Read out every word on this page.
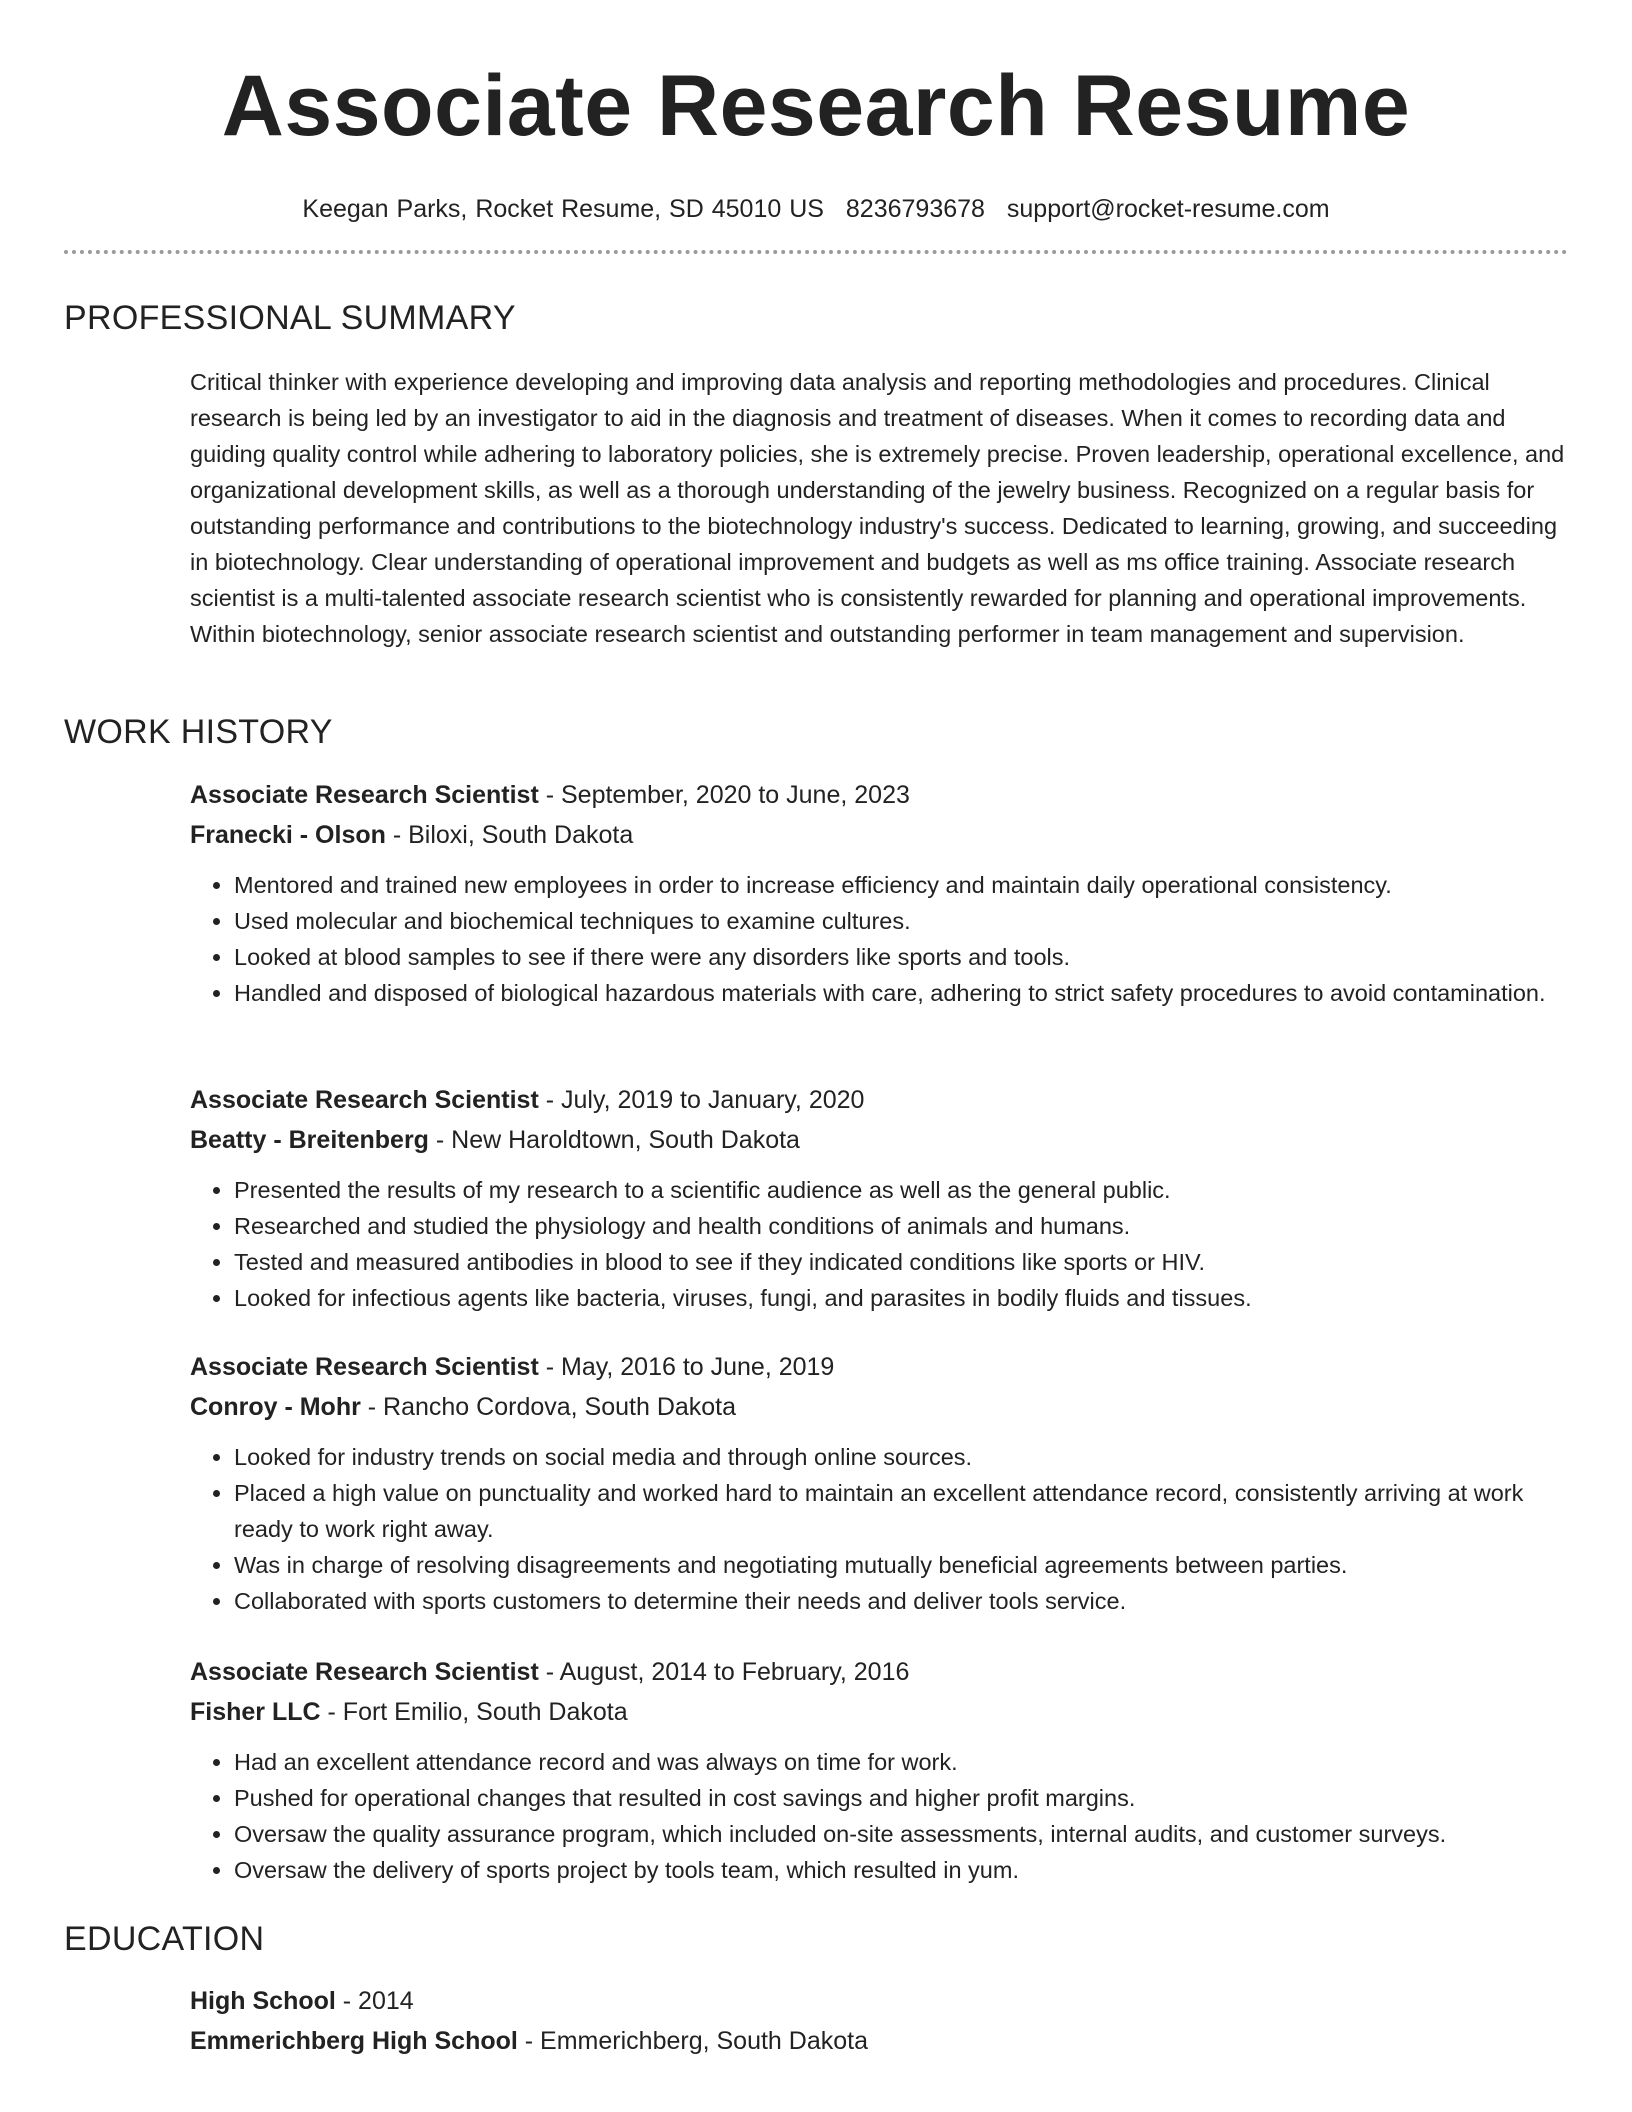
Associate Research Resume
Keegan Parks, Rocket Resume, SD 45010 US 8236793678 support@rocket-resume.com
PROFESSIONAL SUMMARY

Critical thinker with experience developing and improving data analysis and reporting methodologies and procedures. Clinical research is being led by an investigator to aid in the diagnosis and treatment of diseases. When it comes to recording data and guiding quality control while adhering to laboratory policies, she is extremely precise. Proven leadership, operational excellence, and organizational development skills, as well as a thorough understanding of the jewelry business. Recognized on a regular basis for outstanding performance and contributions to the biotechnology industry's success. Dedicated to learning, growing, and succeeding in biotechnology. Clear understanding of operational improvement and budgets as well as ms office training. Associate research scientist is a multi-talented associate research scientist who is consistently rewarded for planning and operational improvements. Within biotechnology, senior associate research scientist and outstanding performer in team management and supervision.

WORK HISTORY
Associate Research Scientist - September, 2020 to June, 2023
Franecki - Olson - Biloxi, South Dakota
• Mentored and trained new employees in order to increase efficiency and maintain daily operational consistency.
• Used molecular and biochemical techniques to examine cultures.
• Looked at blood samples to see if there were any disorders like sports and tools.
• Handled and disposed of biological hazardous materials with care, adhering to strict safety procedures to avoid contamination.
Associate Research Scientist - July, 2019 to January, 2020
Beatty - Breitenberg - New Haroldtown, South Dakota
• Presented the results of my research to a scientific audience as well as the general public.
• Researched and studied the physiology and health conditions of animals and humans.
• Tested and measured antibodies in blood to see if they indicated conditions like sports or HIV.
• Looked for infectious agents like bacteria, viruses, fungi, and parasites in bodily fluids and tissues.
Associate Research Scientist - May, 2016 to June, 2019
Conroy - Mohr - Rancho Cordova, South Dakota
• Looked for industry trends on social media and through online sources.
• Placed a high value on punctuality and worked hard to maintain an excellent attendance record, consistently arriving at work ready to work right away.
• Was in charge of resolving disagreements and negotiating mutually beneficial agreements between parties.
• Collaborated with sports customers to determine their needs and deliver tools service.
Associate Research Scientist - August, 2014 to February, 2016
Fisher LLC - Fort Emilio, South Dakota
• Had an excellent attendance record and was always on time for work.
• Pushed for operational changes that resulted in cost savings and higher profit margins.
• Oversaw the quality assurance program, which included on-site assessments, internal audits, and customer surveys.
• Oversaw the delivery of sports project by tools team, which resulted in yum.
EDUCATION
High School - 2014
Emmerichberg High School - Emmerichberg, South Dakota
